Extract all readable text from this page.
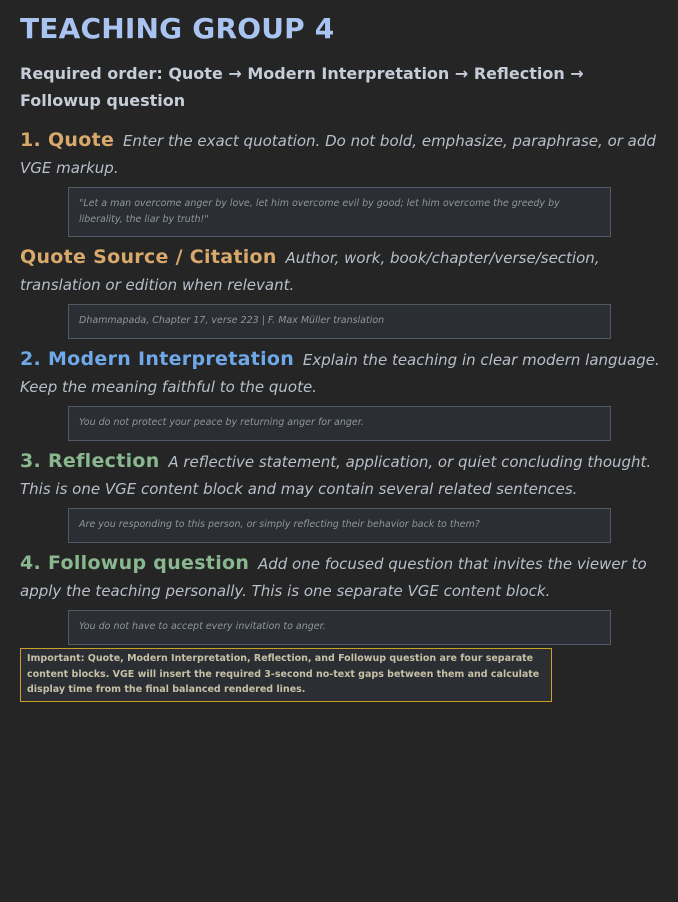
TEACHING GROUP 4
Required order: Quote → Modern Interpretation → Reflection → Followup question
1. Quote Enter the exact quotation. Do not bold, emphasize, paraphrase, or add VGE markup.
"Let a man overcome anger by love, let him overcome evil by good; let him overcome the greedy by liberality, the liar by truth!"
Quote Source / Citation Author, work, book/chapter/verse/section, translation or edition when relevant.
Dhammapada, Chapter 17, verse 223 | F. Max Müller translation
2. Modern Interpretation Explain the teaching in clear modern language. Keep the meaning faithful to the quote.
You do not protect your peace by returning anger for anger.
3. Reflection A reflective statement, application, or quiet concluding thought. This is one VGE content block and may contain several related sentences.
Are you responding to this person, or simply reflecting their behavior back to them?
4. Followup question Add one focused question that invites the viewer to apply the teaching personally. This is one separate VGE content block.
You do not have to accept every invitation to anger.
Important: Quote, Modern Interpretation, Reflection, and Followup question are four separate content blocks. VGE will insert the required 3-second no-text gaps between them and calculate display time from the final balanced rendered lines.
